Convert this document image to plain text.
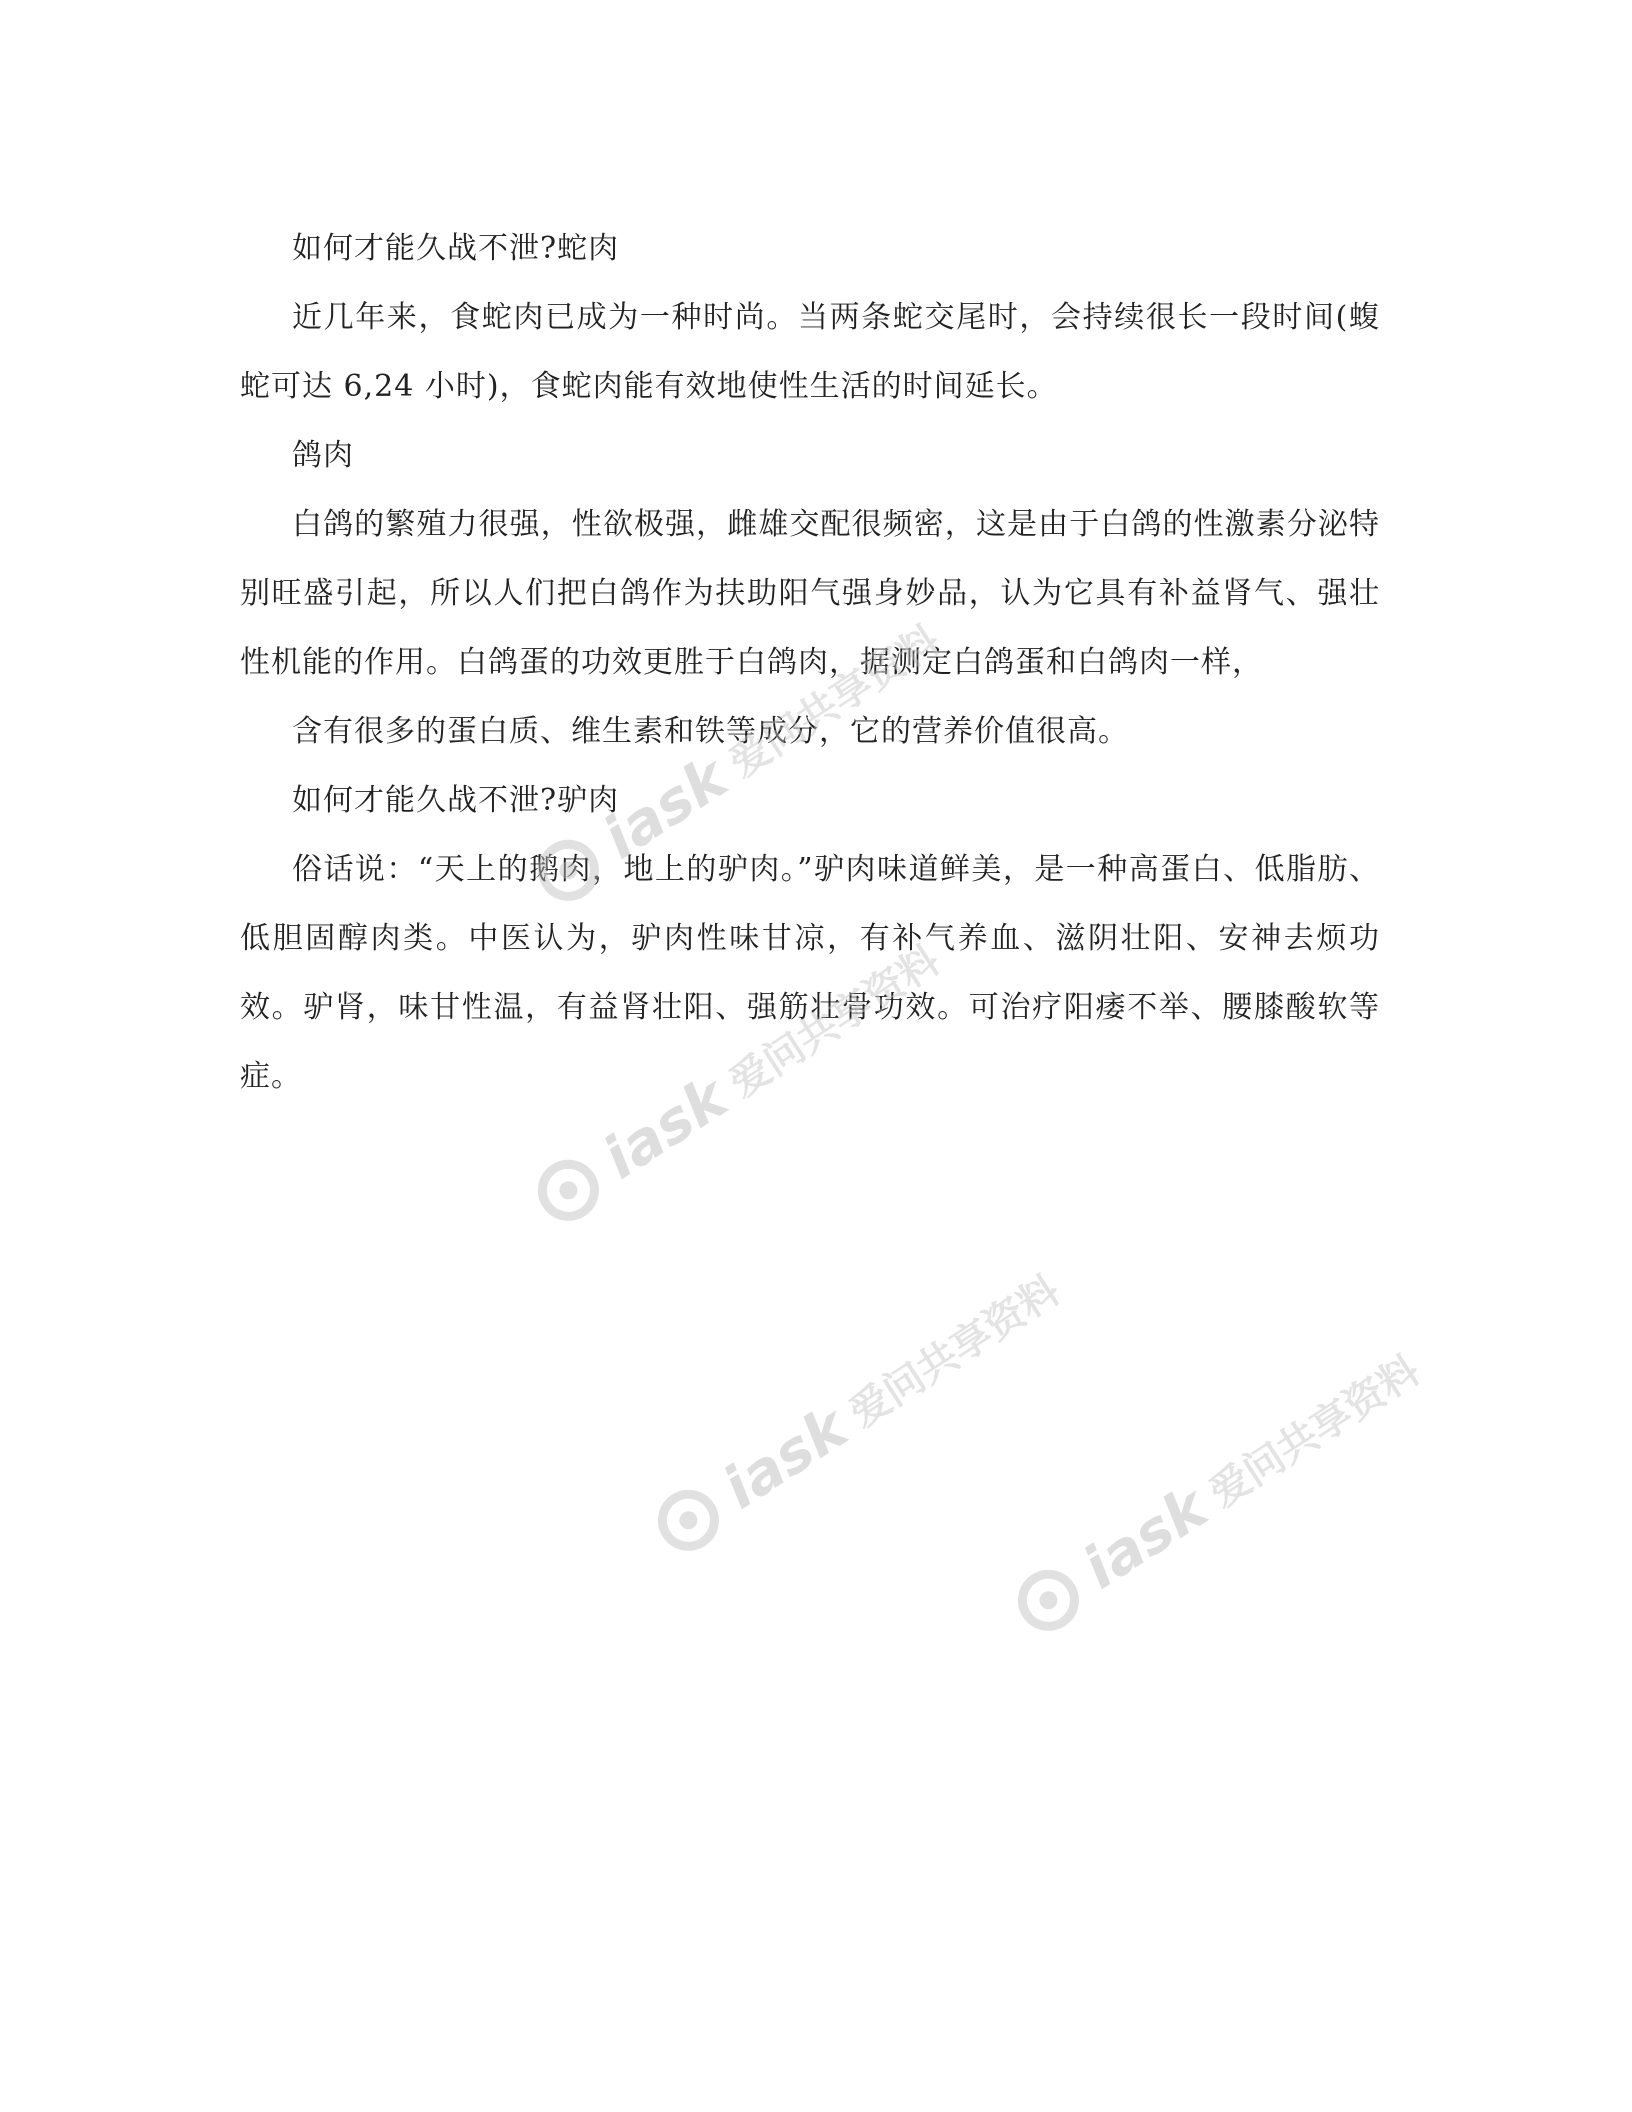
如何才能久战不泄?蛇肉

近几年来，食蛇肉已成为一种时尚。当两条蛇交尾时，会持续很长一段时间(蝮蛇可达 6,24 小时)，食蛇肉能有效地使性生活的时间延长。

鸽肉

白鸽的繁殖力很强，性欲极强，雌雄交配很频密，这是由于白鸽的性激素分泌特别旺盛引起，所以人们把白鸽作为扶助阳气强身妙品，认为它具有补益肾气、强壮性机能的作用。白鸽蛋的功效更胜于白鸽肉，据测定白鸽蛋和白鸽肉一样，

含有很多的蛋白质、维生素和铁等成分，它的营养价值很高。

如何才能久战不泄?驴肉

俗话说：“天上的鹅肉，地上的驴肉。”驴肉味道鲜美，是一种高蛋白、低脂肪、低胆固醇肉类。中医认为，驴肉性味甘凉，有补气养血、滋阴壮阳、安神去烦功效。驴肾，味甘性温，有益肾壮阳、强筋壮骨功效。可治疗阳痿不举、腰膝酸软等症。

iask
爱问共享资料
iask
爱问共享资料
iask
爱问共享资料
iask
爱问共享资料
